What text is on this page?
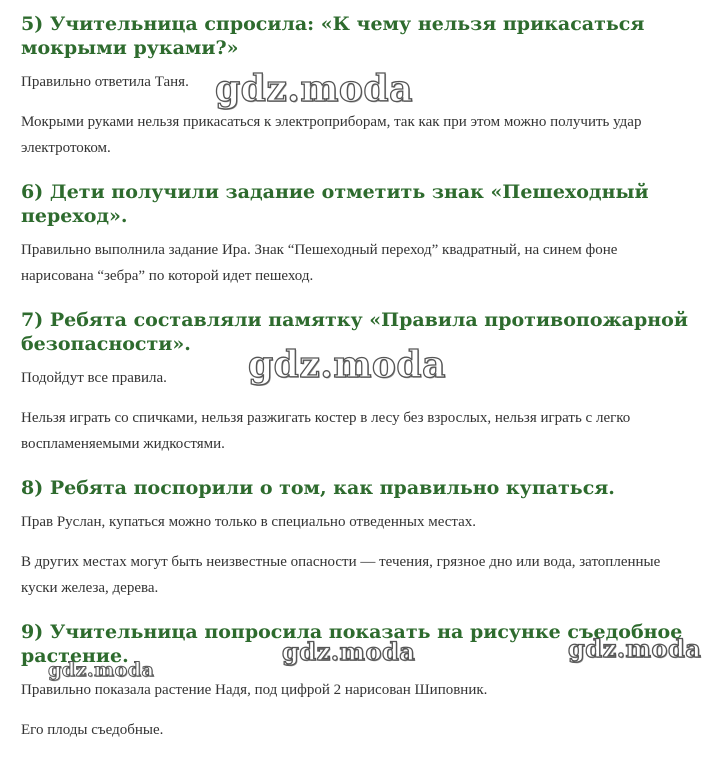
5) Учительница спросила: «К чему нельзя прикасаться мокрыми руками?»

Правильно ответила Таня.

Мокрыми руками нельзя прикасаться к электроприборам, так как при этом можно получить удар электротоком.

6) Дети получили задание отметить знак «Пешеходный переход».

Правильно выполнила задание Ира. Знак “Пешеходный переход” квадратный, на синем фоне нарисована “зебра” по которой идет пешеход.

7) Ребята составляли памятку «Правила противопожарной безопасности».

Подойдут все правила.

Нельзя играть со спичками, нельзя разжигать костер в лесу без взрослых, нельзя играть с легко воспламеняемыми жидкостями.

8) Ребята поспорили о том, как правильно купаться.

Прав Руслан, купаться можно только в специально отведенных местах.

В других местах могут быть неизвестные опасности — течения, грязное дно или вода, затопленные куски железа, дерева.

9) Учительница попросила показать на рисунке съедобное растение.

Правильно показала растение Надя, под цифрой 2 нарисован Шиповник.

Его плоды съедобные.

gdz.moda
gdz.moda
gdz.moda	gdz.moda
gdz.moda
